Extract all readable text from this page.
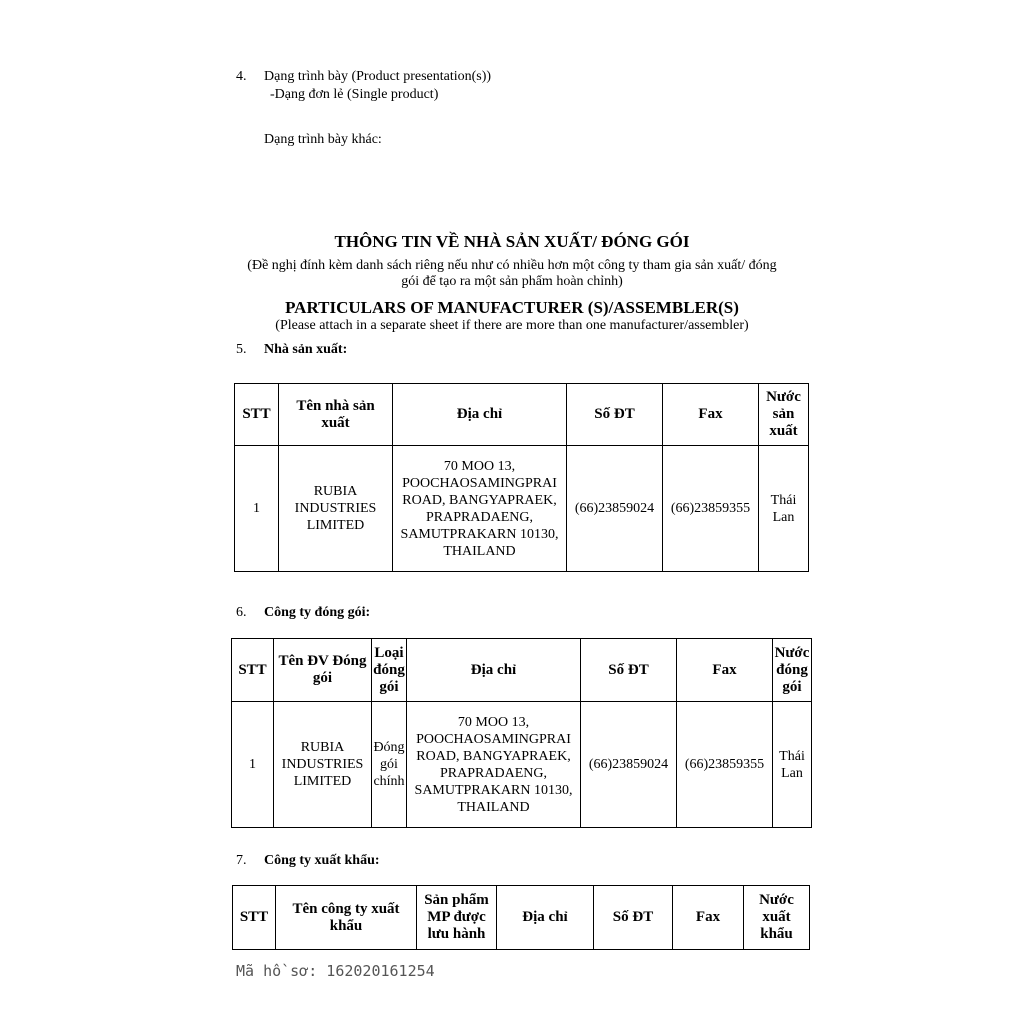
4. Dạng trình bày (Product presentation(s))
-Dạng đơn lẻ (Single product)
Dạng trình bày khác:
THÔNG TIN VỀ NHÀ SẢN XUẤT/ ĐÓNG GÓI
(Đề nghị đính kèm danh sách riêng nếu như có nhiều hơn một công ty tham gia sản xuất/ đóng
gói để tạo ra một sản phẩm hoàn chỉnh)
PARTICULARS OF MANUFACTURER (S)/ASSEMBLER(S)
(Please attach in a separate sheet if there are more than one manufacturer/assembler)
5. Nhà sản xuất:
STT	Tên nhà sản xuất	Địa chỉ	Số ĐT	Fax	Nước sản xuất
1	RUBIA INDUSTRIES LIMITED	70 MOO 13, POOCHAOSAMINGPRAI ROAD, BANGYAPRAEK, PRAPRADAENG, SAMUTPRAKARN 10130, THAILAND	(66)23859024	(66)23859355	Thái Lan
6. Công ty đóng gói:
STT	Tên ĐV Đóng gói	Loại đóng gói	Địa chỉ	Số ĐT	Fax	Nước đóng gói
1	RUBIA INDUSTRIES LIMITED	Đóng gói chính	70 MOO 13, POOCHAOSAMINGPRAI ROAD, BANGYAPRAEK, PRAPRADAENG, SAMUTPRAKARN 10130, THAILAND	(66)23859024	(66)23859355	Thái Lan
7. Công ty xuất khẩu:
STT	Tên công ty xuất khẩu	Sản phẩm MP được lưu hành	Địa chỉ	Số ĐT	Fax	Nước xuất khẩu
Mã hồ sơ: 162020161254
